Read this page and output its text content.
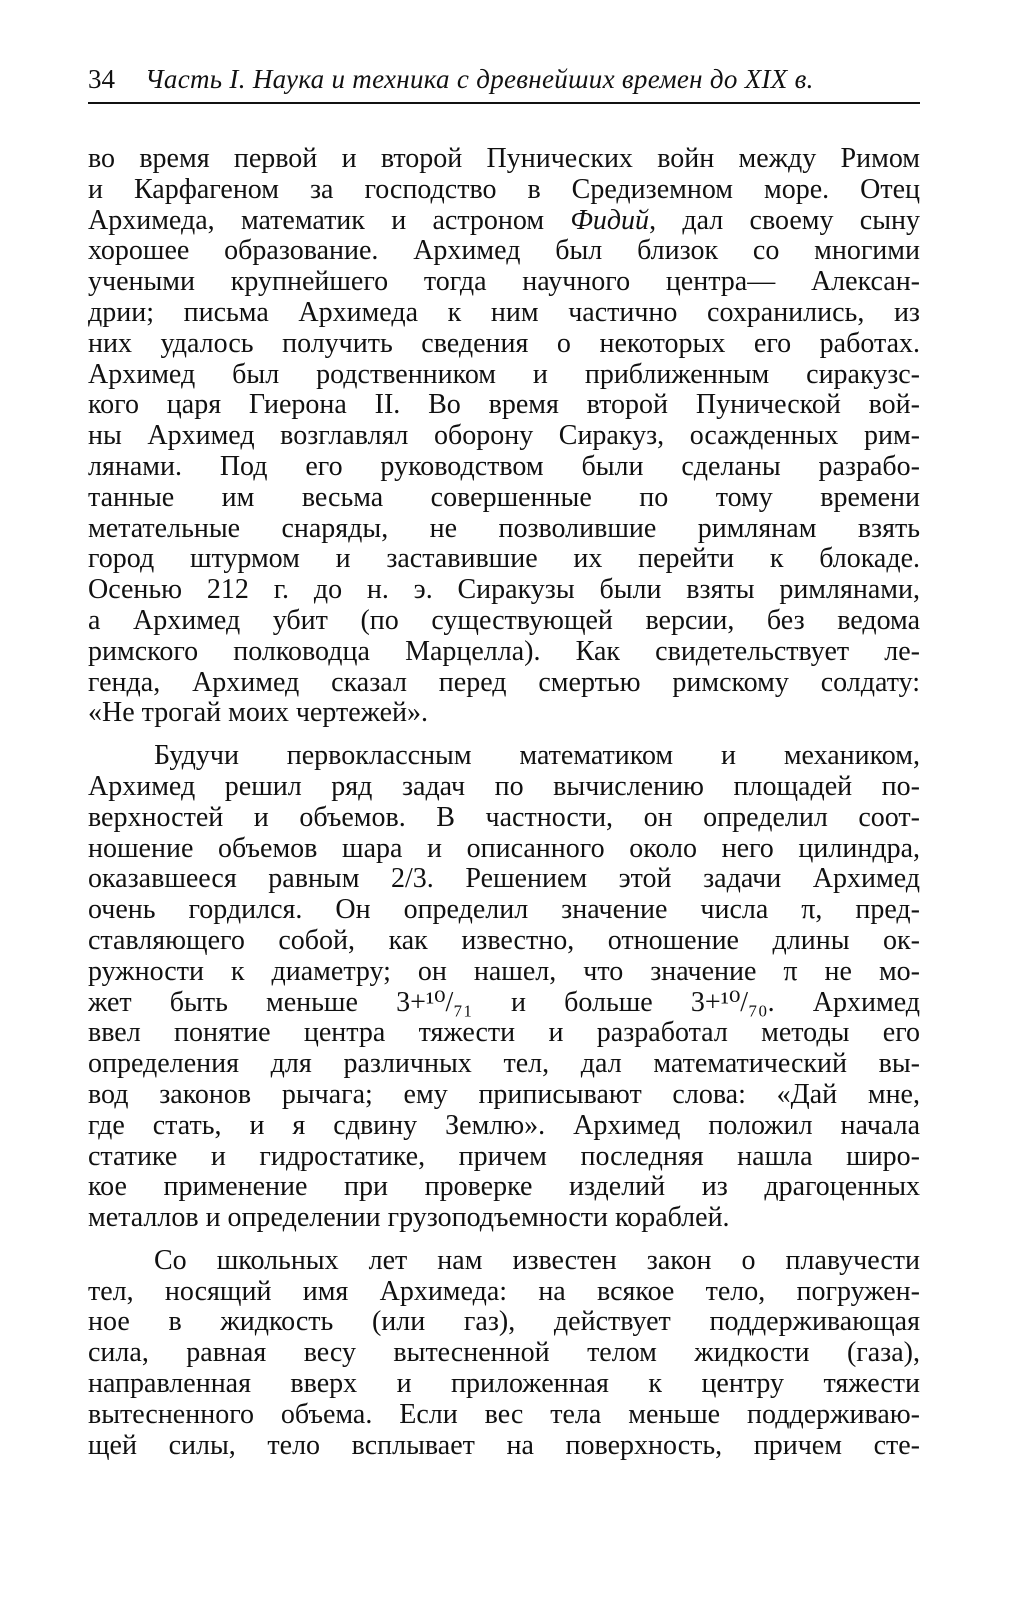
34 Часть I. Наука и техника с древнейших времен до XIX в.
во время первой и второй Пунических войн между Римом
и Карфагеном за господство в Средиземном море. Отец
Архимеда, математик и астроном Фидий, дал своему сыну
хорошее образование. Архимед был близок со многими
учеными крупнейшего тогда научного центра— Алексан-
дрии; письма Архимеда к ним частично сохранились, из
них удалось получить сведения о некоторых его работах.
Архимед был родственником и приближенным сиракузс-
кого царя Гиерона II. Во время второй Пунической вой-
ны Архимед возглавлял оборону Сиракуз, осажденных рим-
лянами. Под его руководством были сделаны разрабо-
танные им весьма совершенные по тому времени
метательные снаряды, не позволившие римлянам взять
город штурмом и заставившие их перейти к блокаде.
Осенью 212 г. до н. э. Сиракузы были взяты римлянами,
а Архимед убит (по существующей версии, без ведома
римского полководца Марцелла). Как свидетельствует ле-
генда, Архимед сказал перед смертью римскому солдату:
«Не трогай моих чертежей».
Будучи первоклассным математиком и механиком,
Архимед решил ряд задач по вычислению площадей по-
верхностей и объемов. В частности, он определил соот-
ношение объемов шара и описанного около него цилиндра,
оказавшееся равным 2/3. Решением этой задачи Архимед
очень гордился. Он определил значение числа π, пред-
ставляющего собой, как известно, отношение длины ок-
ружности к диаметру; он нашел, что значение π не мо-
жет быть меньше 3+¹⁰/₇₁ и больше 3+¹⁰/₇₀. Архимед
ввел понятие центра тяжести и разработал методы его
определения для различных тел, дал математический вы-
вод законов рычага; ему приписывают слова: «Дай мне,
где стать, и я сдвину Землю». Архимед положил начала
статике и гидростатике, причем последняя нашла широ-
кое применение при проверке изделий из драгоценных
металлов и определении грузоподъемности кораблей.
Со школьных лет нам известен закон о плавучести
тел, носящий имя Архимеда: на всякое тело, погружен-
ное в жидкость (или газ), действует поддерживающая
сила, равная весу вытесненной телом жидкости (газа),
направленная вверх и приложенная к центру тяжести
вытесненного объема. Если вес тела меньше поддерживаю-
щей силы, тело всплывает на поверхность, причем сте-
